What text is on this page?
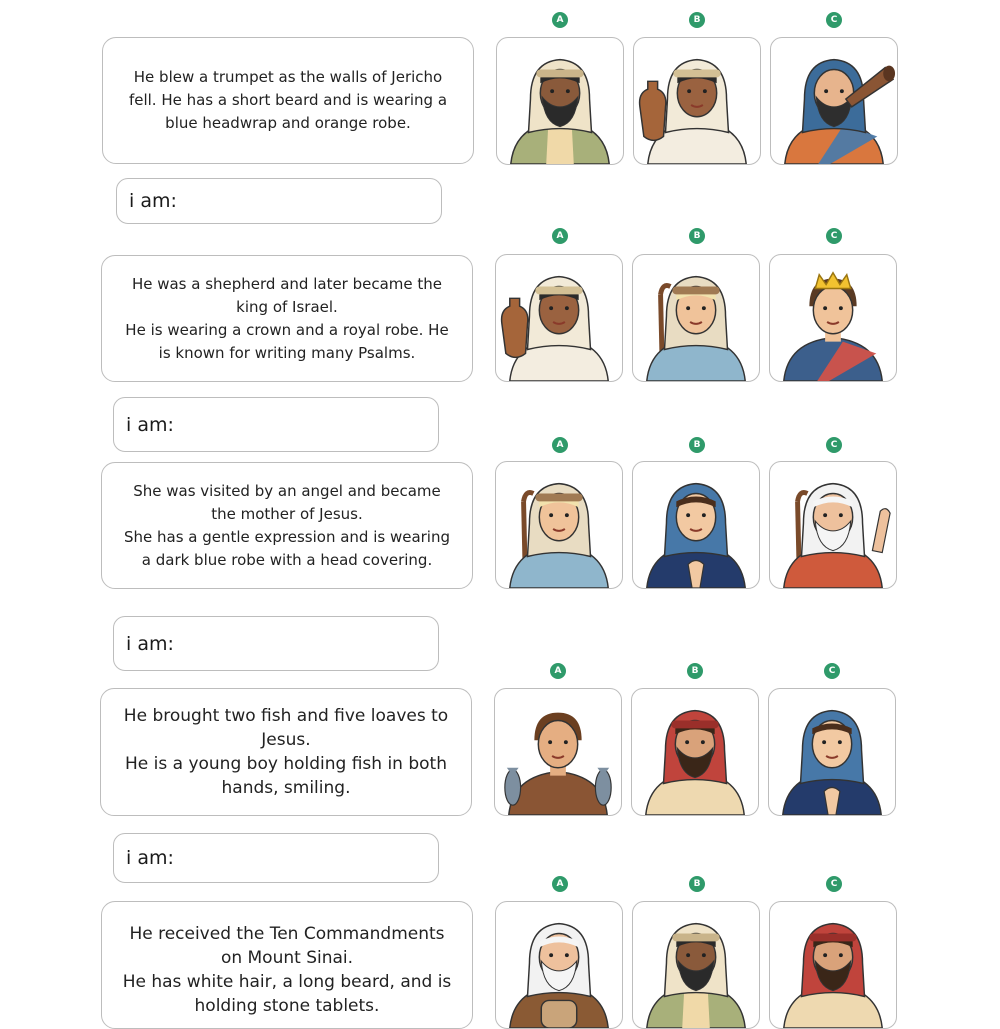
He blew a trumpet as the walls of Jericho
fell. He has a short beard and is wearing a
blue headwrap and orange robe.
i am:
A	B	C
He was a shepherd and later became the
king of Israel.
He is wearing a crown and a royal robe. He
is known for writing many Psalms.
i am:
A	B	C
She was visited by an angel and became
the mother of Jesus.
She has a gentle expression and is wearing
a dark blue robe with a head covering.
i am:
A	B	C
He brought two fish and five loaves to
Jesus.
He is a young boy holding fish in both
hands, smiling.
i am:
A	B	C
He received the Ten Commandments
on Mount Sinai.
He has white hair, a long beard, and is
holding stone tablets.
A	B	C
